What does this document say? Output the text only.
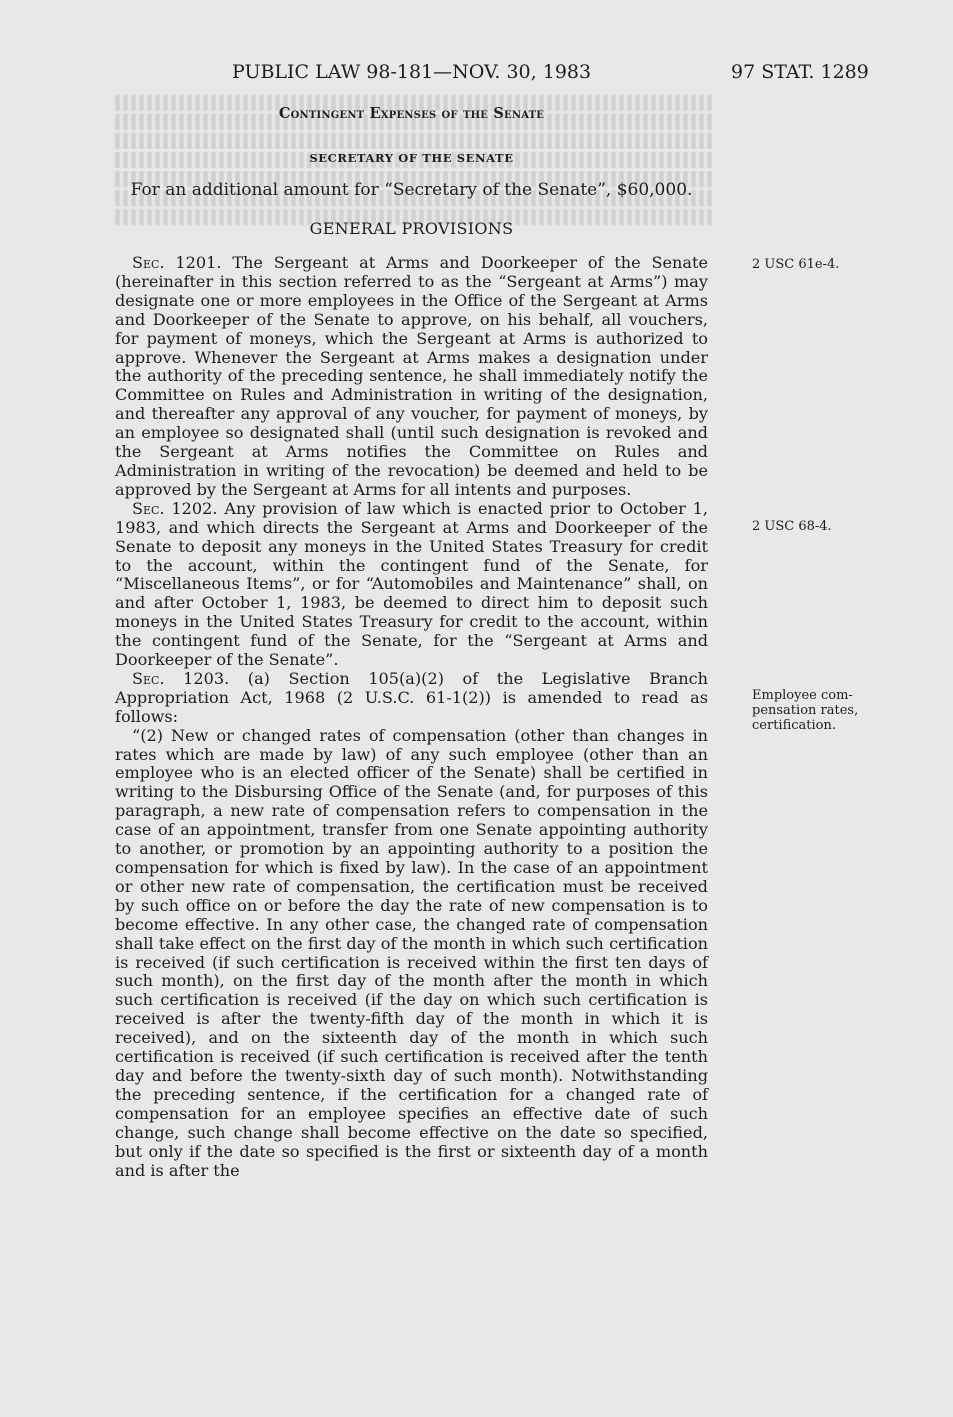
PUBLIC LAW 98-181—NOV. 30, 1983	97 STAT. 1289
Contingent Expenses of the Senate
SECRETARY OF THE SENATE
For an additional amount for “Secretary of the Senate”, $60,000.
GENERAL PROVISIONS

Sec. 1201. The Sergeant at Arms and Doorkeeper of the Senate (hereinafter in this section referred to as the “Sergeant at Arms”) may designate one or more employees in the Office of the Sergeant at Arms and Doorkeeper of the Senate to approve, on his behalf, all vouchers, for payment of moneys, which the Sergeant at Arms is authorized to approve. Whenever the Sergeant at Arms makes a designation under the authority of the preceding sentence, he shall immediately notify the Committee on Rules and Administration in writing of the designation, and thereafter any approval of any voucher, for payment of moneys, by an employee so designated shall (until such designation is revoked and the Sergeant at Arms notifies the Committee on Rules and Administration in writing of the revocation) be deemed and held to be approved by the Sergeant at Arms for all intents and purposes.

Sec. 1202. Any provision of law which is enacted prior to October 1, 1983, and which directs the Sergeant at Arms and Doorkeeper of the Senate to deposit any moneys in the United States Treasury for credit to the account, within the contingent fund of the Senate, for “Miscellaneous Items”, or for “Automobiles and Maintenance” shall, on and after October 1, 1983, be deemed to direct him to deposit such moneys in the United States Treasury for credit to the account, within the contingent fund of the Senate, for the “Sergeant at Arms and Doorkeeper of the Senate”.

Sec. 1203. (a) Section 105(a)(2) of the Legislative Branch Appropriation Act, 1968 (2 U.S.C. 61-1(2)) is amended to read as follows:

“(2) New or changed rates of compensation (other than changes in rates which are made by law) of any such employee (other than an employee who is an elected officer of the Senate) shall be certified in writing to the Disbursing Office of the Senate (and, for purposes of this paragraph, a new rate of compensation refers to compensation in the case of an appointment, transfer from one Senate appointing authority to another, or promotion by an appointing authority to a position the compensation for which is fixed by law). In the case of an appointment or other new rate of compensation, the certification must be received by such office on or before the day the rate of new compensation is to become effective. In any other case, the changed rate of compensation shall take effect on the first day of the month in which such certification is received (if such certification is received within the first ten days of such month), on the first day of the month after the month in which such certification is received (if the day on which such certification is received is after the twenty-fifth day of the month in which it is received), and on the sixteenth day of the month in which such certification is received (if such certification is received after the tenth day and before the twenty-sixth day of such month). Notwithstanding the preceding sentence, if the certification for a changed rate of compensation for an employee specifies an effective date of such change, such change shall become effective on the date so specified, but only if the date so specified is the first or sixteenth day of a month and is after the

2 USC 61e-4.
2 USC 68-4.
Employee com-
pensation rates,
certification.
